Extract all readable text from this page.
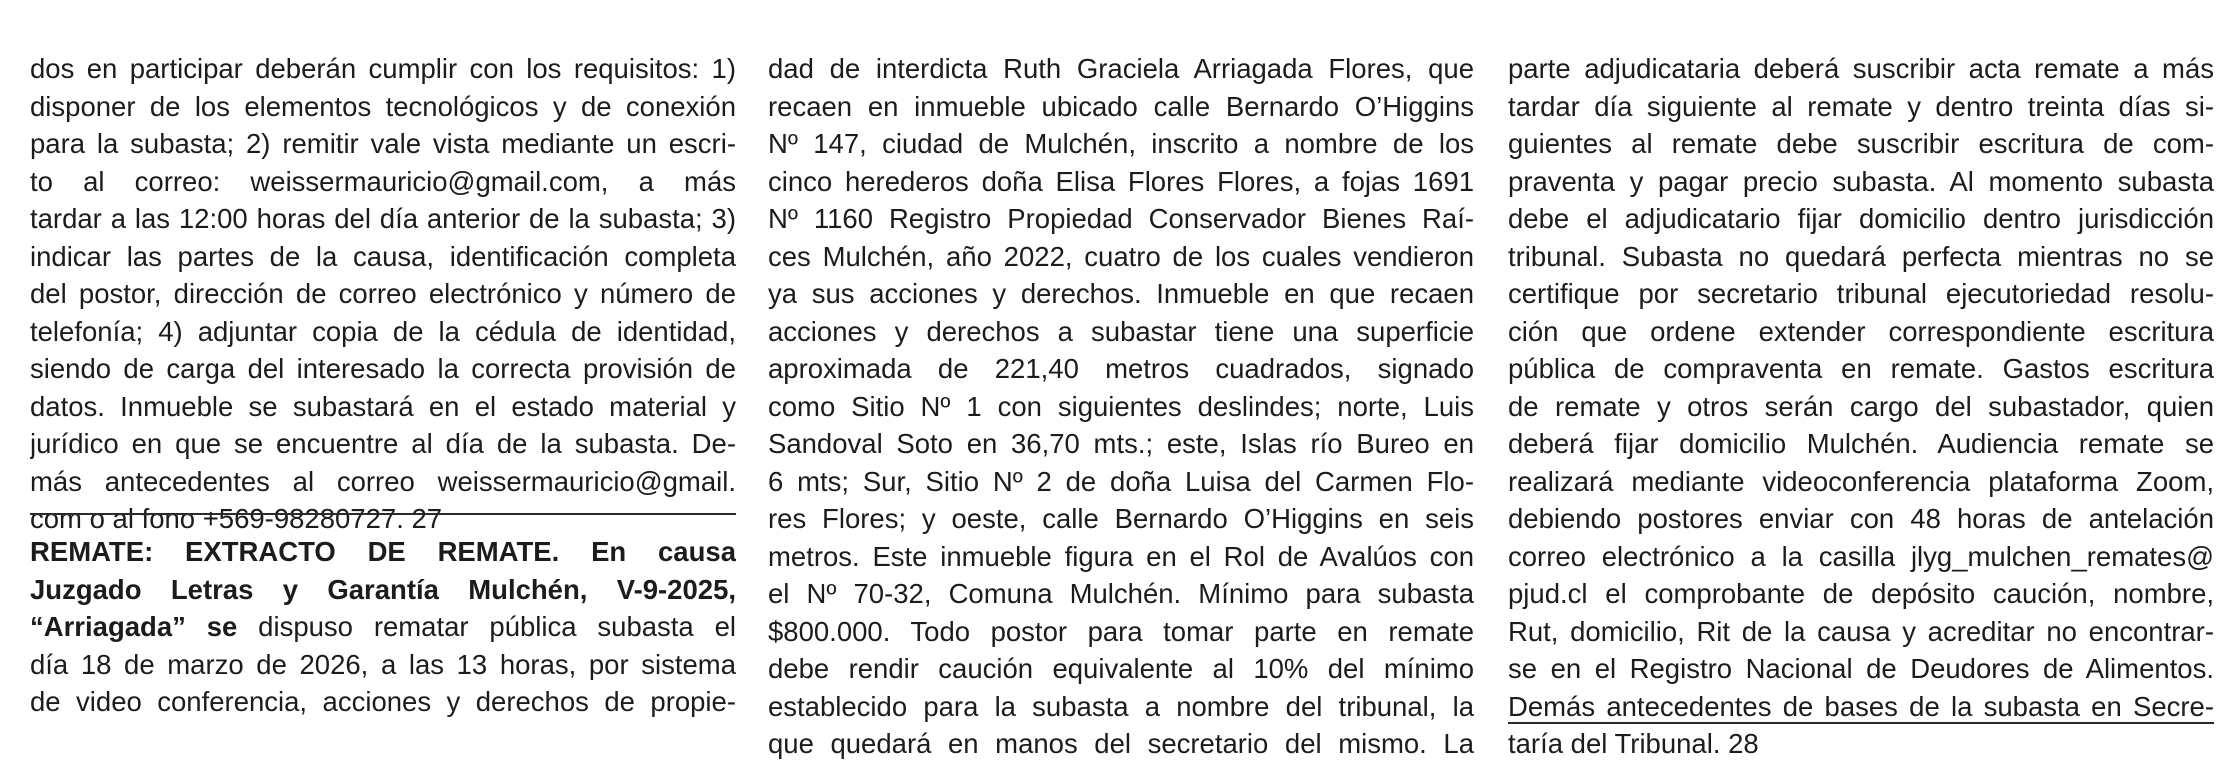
dos en participar deberán cumplir con los requisitos: 1)
disponer de los elementos tecnológicos y de conexión
para la subasta; 2) remitir vale vista mediante un escri-
to al correo: weissermauricio@gmail.com, a más
tardar a las 12:00 horas del día anterior de la subasta; 3)
indicar las partes de la causa, identificación completa
del postor, dirección de correo electrónico y número de
telefonía; 4) adjuntar copia de la cédula de identidad,
siendo de carga del interesado la correcta provisión de
datos. Inmueble se subastará en el estado material y
jurídico en que se encuentre al día de la subasta. De-
más antecedentes al correo weissermauricio@gmail.
com o al fono +569-98280727. 27
REMATE: EXTRACTO DE REMATE. En causa
Juzgado Letras y Garantía Mulchén, V-9-2025,
“Arriagada” se dispuso rematar pública subasta el
día 18 de marzo de 2026, a las 13 horas, por sistema
de video conferencia, acciones y derechos de propie-
dad de interdicta Ruth Graciela Arriagada Flores, que
recaen en inmueble ubicado calle Bernardo O’Higgins
Nº 147, ciudad de Mulchén, inscrito a nombre de los
cinco herederos doña Elisa Flores Flores, a fojas 1691
Nº 1160 Registro Propiedad Conservador Bienes Raí-
ces Mulchén, año 2022, cuatro de los cuales vendieron
ya sus acciones y derechos. Inmueble en que recaen
acciones y derechos a subastar tiene una superficie
aproximada de 221,40 metros cuadrados, signado
como Sitio Nº 1 con siguientes deslindes; norte, Luis
Sandoval Soto en 36,70 mts.; este, Islas río Bureo en
6 mts; Sur, Sitio Nº 2 de doña Luisa del Carmen Flo-
res Flores; y oeste, calle Bernardo O’Higgins en seis
metros. Este inmueble figura en el Rol de Avalúos con
el Nº 70-32, Comuna Mulchén. Mínimo para subasta
$800.000. Todo postor para tomar parte en remate
debe rendir caución equivalente al 10% del mínimo
establecido para la subasta a nombre del tribunal, la
que quedará en manos del secretario del mismo. La
parte adjudicataria deberá suscribir acta remate a más
tardar día siguiente al remate y dentro treinta días si-
guientes al remate debe suscribir escritura de com-
praventa y pagar precio subasta. Al momento subasta
debe el adjudicatario fijar domicilio dentro jurisdicción
tribunal. Subasta no quedará perfecta mientras no se
certifique por secretario tribunal ejecutoriedad resolu-
ción que ordene extender correspondiente escritura
pública de compraventa en remate. Gastos escritura
de remate y otros serán cargo del subastador, quien
deberá fijar domicilio Mulchén. Audiencia remate se
realizará mediante videoconferencia plataforma Zoom,
debiendo postores enviar con 48 horas de antelación
correo electrónico a la casilla jlyg_mulchen_remates@
pjud.cl el comprobante de depósito caución, nombre,
Rut, domicilio, Rit de la causa y acreditar no encontrar-
se en el Registro Nacional de Deudores de Alimentos.
Demás antecedentes de bases de la subasta en Secre-
taría del Tribunal. 28
